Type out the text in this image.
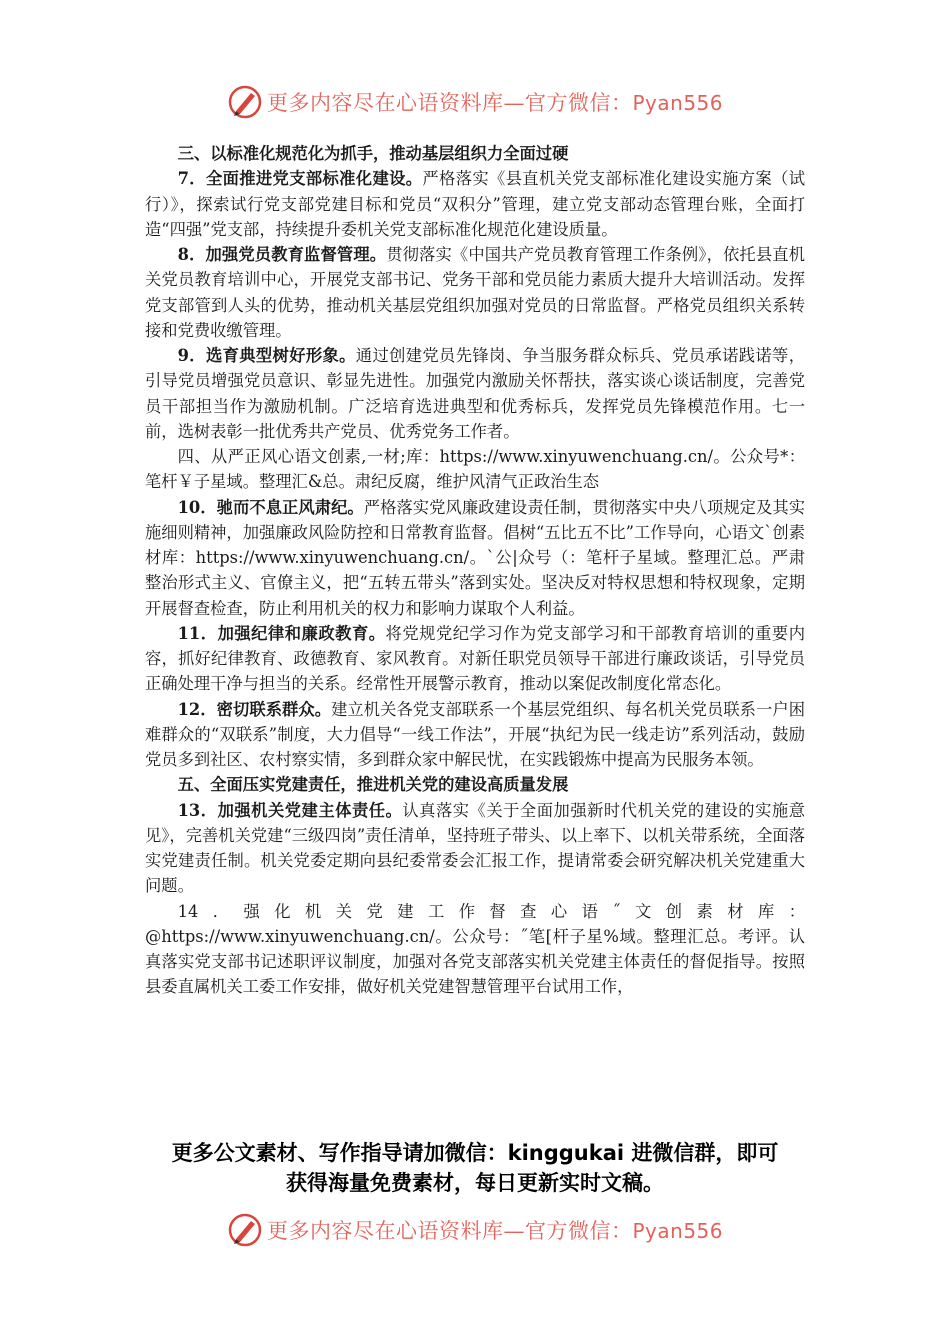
更多内容尽在心语资料库—官方微信：Pyan556

三、以标准化规范化为抓手，推动基层组织力全面过硬

7．全面推进党支部标准化建设。严格落实《县直机关党支部标准化建设实施方案（试行）》，探索试行党支部党建目标和党员“双积分”管理，建立党支部动态管理台账，全面打造“四强”党支部，持续提升委机关党支部标准化规范化建设质量。

8．加强党员教育监督管理。贯彻落实《中国共产党员教育管理工作条例》，依托县直机关党员教育培训中心，开展党支部书记、党务干部和党员能力素质大提升大培训活动。发挥党支部管到人头的优势，推动机关基层党组织加强对党员的日常监督。严格党员组织关系转接和党费收缴管理。

9．选育典型树好形象。通过创建党员先锋岗、争当服务群众标兵、党员承诺践诺等，引导党员增强党员意识、彰显先进性。加强党内激励关怀帮扶，落实谈心谈话制度，完善党员干部担当作为激励机制。广泛培育选进典型和优秀标兵，发挥党员先锋模范作用。七一前，选树表彰一批优秀共产党员、优秀党务工作者。

四、从严正风心语文创素,一材;库：https://www.xinyuwenchuang.cn/。公众号*：笔杆￥子星域。整理汇&总。肃纪反腐，维护风清气正政治生态

10．驰而不息正风肃纪。严格落实党风廉政建设责任制，贯彻落实中央八项规定及其实施细则精神，加强廉政风险防控和日常教育监督。倡树“五比五不比”工作导向，心语文`创素材库：https://www.xinyuwenchuang.cn/。`公|众号（：笔杆子星域。整理汇总。严肃整治形式主义、官僚主义，把“五转五带头”落到实处。坚决反对特权思想和特权现象，定期开展督查检查，防止利用机关的权力和影响力谋取个人利益。

11．加强纪律和廉政教育。将党规党纪学习作为党支部学习和干部教育培训的重要内容，抓好纪律教育、政德教育、家风教育。对新任职党员领导干部进行廉政谈话，引导党员正确处理干净与担当的关系。经常性开展警示教育，推动以案促改制度化常态化。

12．密切联系群众。建立机关各党支部联系一个基层党组织、每名机关党员联系一户困难群众的“双联系”制度，大力倡导“一线工作法”，开展“执纪为民一线走访”系列活动，鼓励党员多到社区、农村察实情，多到群众家中解民忧，在实践锻炼中提高为民服务本领。

五、全面压实党建责任，推进机关党的建设高质量发展

13．加强机关党建主体责任。认真落实《关于全面加强新时代机关党的建设的实施意见》，完善机关党建“三级四岗”责任清单，坚持班子带头、以上率下、以机关带系统，全面落实党建责任制。机关党委定期向县纪委常委会汇报工作，提请常委会研究解决机关党建重大问题。

14．强化机关党建工作督查心语˝文创素材库：@https://www.xinyuwenchuang.cn/。公众号：˝笔[杆子星%域。整理汇总。考评。认真落实党支部书记述职评议制度，加强对各党支部落实机关党建主体责任的督促指导。按照县委直属机关工委工作安排，做好机关党建智慧管理平台试用工作，

更多公文素材、写作指导请加微信：kinggukai 进微信群，即可
获得海量免费素材，每日更新实时文稿。
更多内容尽在心语资料库—官方微信：Pyan556
